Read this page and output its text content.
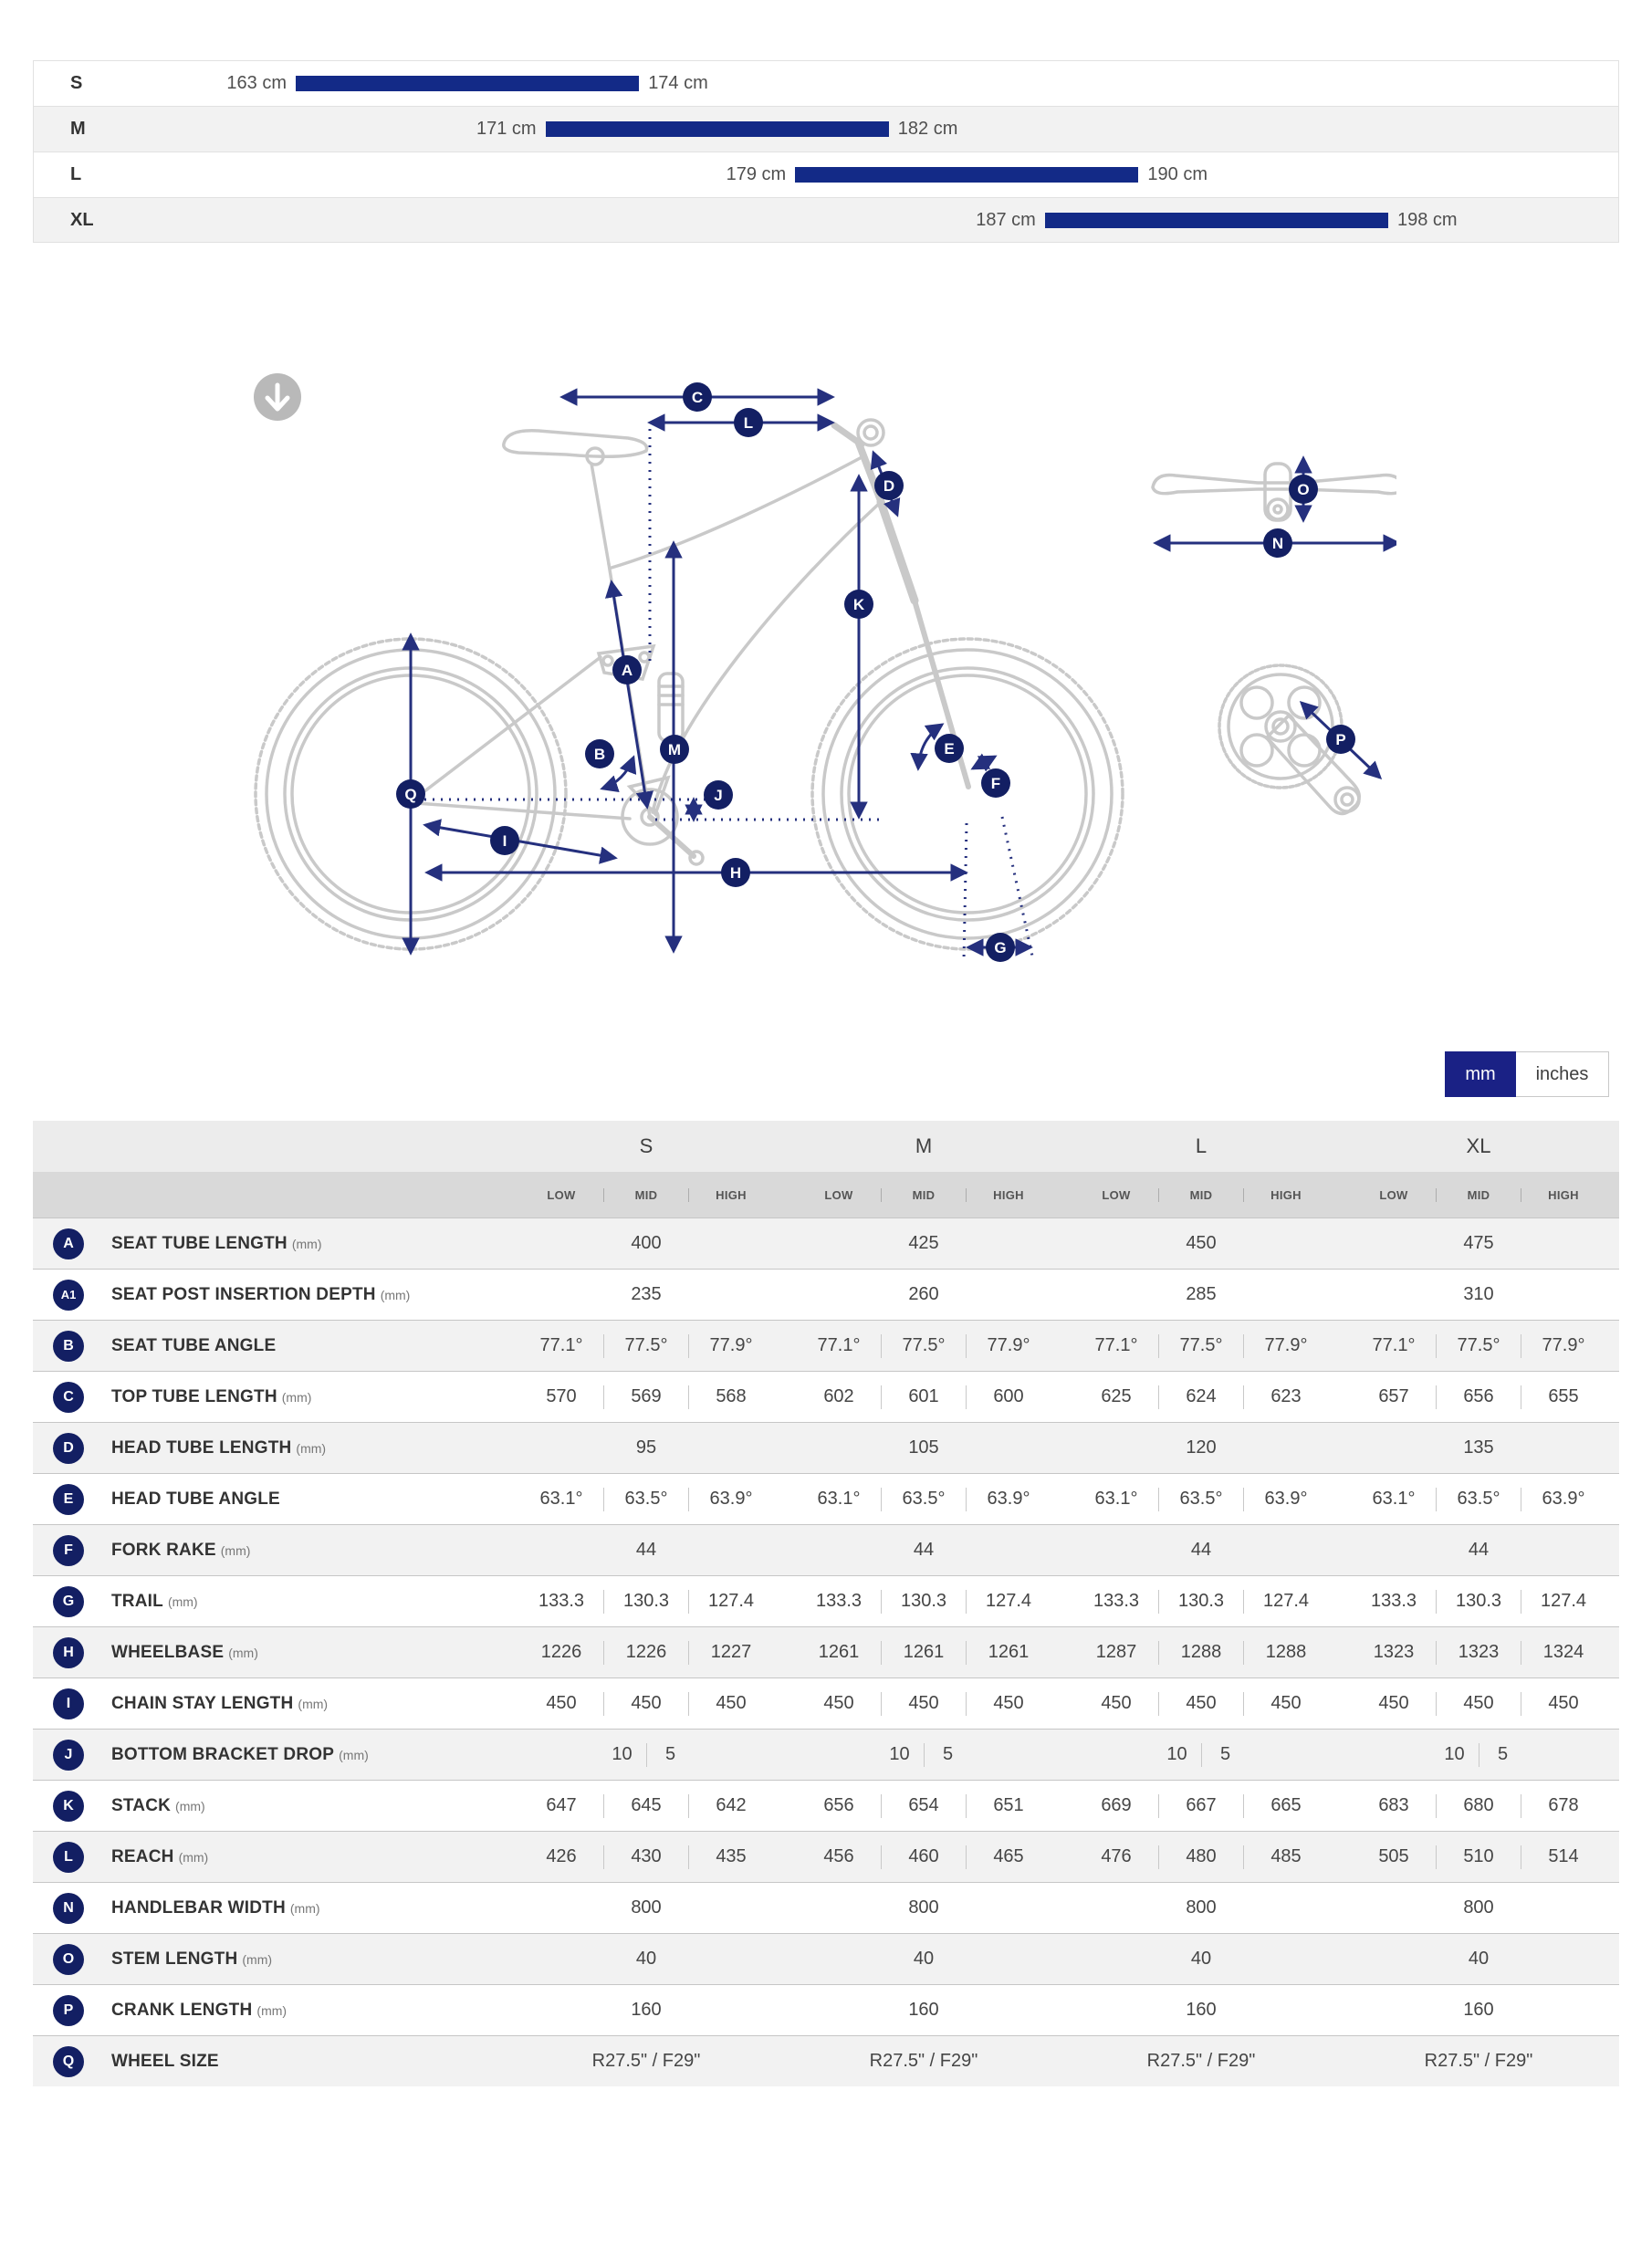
S	163 cm	174 cm
M	171 cm	182 cm
L	179 cm	190 cm
XL	187 cm	198 cm
C
L
D
K
A
B	M
J
Q
I
H
E
F
G
O
N
P
mm	inches
S	M	L	XL
LOW	MID	HIGH	LOW	MID	HIGH	LOW	MID	HIGH	LOW	MID	HIGH
A	SEAT TUBE LENGTH (mm)	400	425	450	475
A1	SEAT POST INSERTION DEPTH (mm)	235	260	285	310
B	SEAT TUBE ANGLE	77.1°	77.5°	77.9°	77.1°	77.5°	77.9°	77.1°	77.5°	77.9°	77.1°	77.5°	77.9°
C	TOP TUBE LENGTH (mm)	570	569	568	602	601	600	625	624	623	657	656	655
D	HEAD TUBE LENGTH (mm)	95	105	120	135
E	HEAD TUBE ANGLE	63.1°	63.5°	63.9°	63.1°	63.5°	63.9°	63.1°	63.5°	63.9°	63.1°	63.5°	63.9°
F	FORK RAKE (mm)	44	44	44	44
G	TRAIL (mm)	133.3	130.3	127.4	133.3	130.3	127.4	133.3	130.3	127.4	133.3	130.3	127.4
H	WHEELBASE (mm)	1226	1226	1227	1261	1261	1261	1287	1288	1288	1323	1323	1324
I	CHAIN STAY LENGTH (mm)	450	450	450	450	450	450	450	450	450	450	450	450
J	BOTTOM BRACKET DROP (mm)	10	5	10	5	10	5	10	5
K	STACK (mm)	647	645	642	656	654	651	669	667	665	683	680	678
L	REACH (mm)	426	430	435	456	460	465	476	480	485	505	510	514
N	HANDLEBAR WIDTH (mm)	800	800	800	800
O	STEM LENGTH (mm)	40	40	40	40
P	CRANK LENGTH (mm)	160	160	160	160
Q	WHEEL SIZE	R27.5" / F29"	R27.5" / F29"	R27.5" / F29"	R27.5" / F29"
